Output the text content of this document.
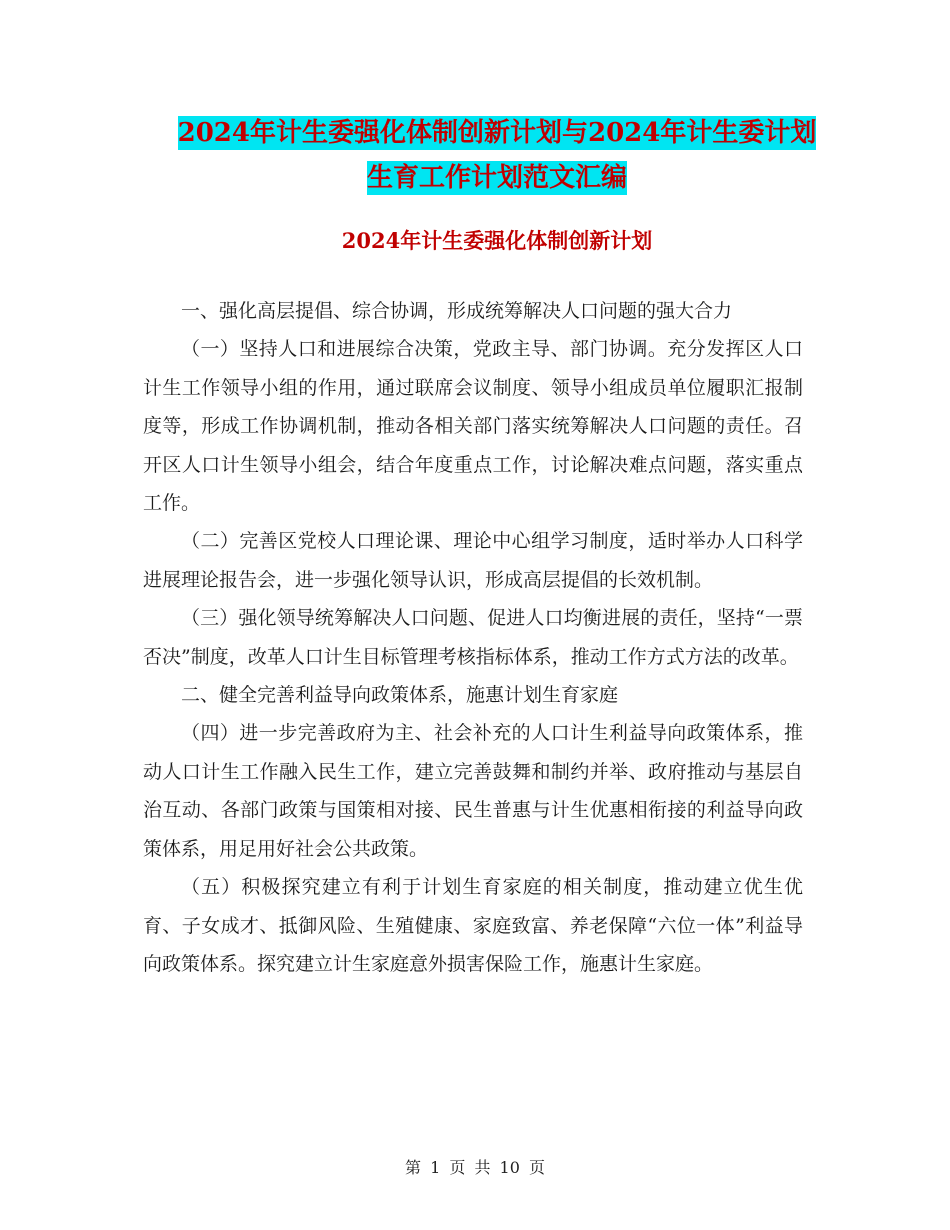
2024年计生委强化体制创新计划与2024年计生委计划
生育工作计划范文汇编
2024年计生委强化体制创新计划

一、强化高层提倡、综合协调，形成统筹解决人口问题的强大合力

（一）坚持人口和进展综合决策，党政主导、部门协调。充分发挥区人口计生工作领导小组的作用，通过联席会议制度、领导小组成员单位履职汇报制度等，形成工作协调机制，推动各相关部门落实统筹解决人口问题的责任。召开区人口计生领导小组会，结合年度重点工作，讨论解决难点问题，落实重点工作。

（二）完善区党校人口理论课、理论中心组学习制度，适时举办人口科学进展理论报告会，进一步强化领导认识，形成高层提倡的长效机制。

（三）强化领导统筹解决人口问题、促进人口均衡进展的责任，坚持“一票否决”制度，改革人口计生目标管理考核指标体系，推动工作方式方法的改革。

二、健全完善利益导向政策体系，施惠计划生育家庭

（四）进一步完善政府为主、社会补充的人口计生利益导向政策体系，推动人口计生工作融入民生工作，建立完善鼓舞和制约并举、政府推动与基层自治互动、各部门政策与国策相对接、民生普惠与计生优惠相衔接的利益导向政策体系，用足用好社会公共政策。

（五）积极探究建立有利于计划生育家庭的相关制度，推动建立优生优育、子女成才、抵御风险、生殖健康、家庭致富、养老保障“六位一体”利益导向政策体系。探究建立计生家庭意外损害保险工作，施惠计生家庭。

第 1 页 共 10 页
